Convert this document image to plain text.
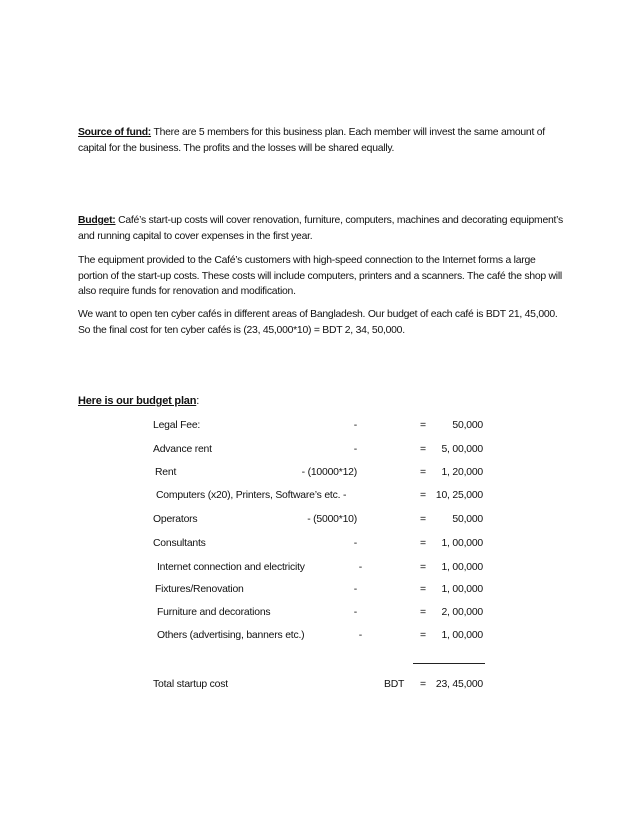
Source of fund: There are 5 members for this business plan. Each member will invest the same amount of capital for the business. The profits and the losses will be shared equally.
Budget: Café’s start-up costs will cover renovation, furniture, computers, machines and decorating equipment’s and running capital to cover expenses in the first year.
The equipment provided to the Café’s customers with high-speed connection to the Internet forms a large portion of the start-up costs. These costs will include computers, printers and a scanners. The café the shop will also require funds for renovation and modification.
We want to open ten cyber cafés in different areas of Bangladesh. Our budget of each café is BDT 21, 45,000. So the final cost for ten cyber cafés is (23, 45,000*10) = BDT 2, 34, 50,000.
Here is our budget plan:
Legal Fee:	-	=	50,000
Advance rent	-	= 5, 00,000
Rent	- (10000*12)	= 1, 20,000
Computers (x20), Printers, Software’s etc. -	= 10, 25,000
Operators	- (5000*10)	=	50,000
Consultants	-	= 1, 00,000
Internet connection and electricity	-	= 1, 00,000
Fixtures/Renovation	-	= 1, 00,000
Furniture and decorations	-	= 2, 00,000
Others (advertising, banners etc.)	-	= 1, 00,000
Total startup cost	BDT = 23, 45,000
